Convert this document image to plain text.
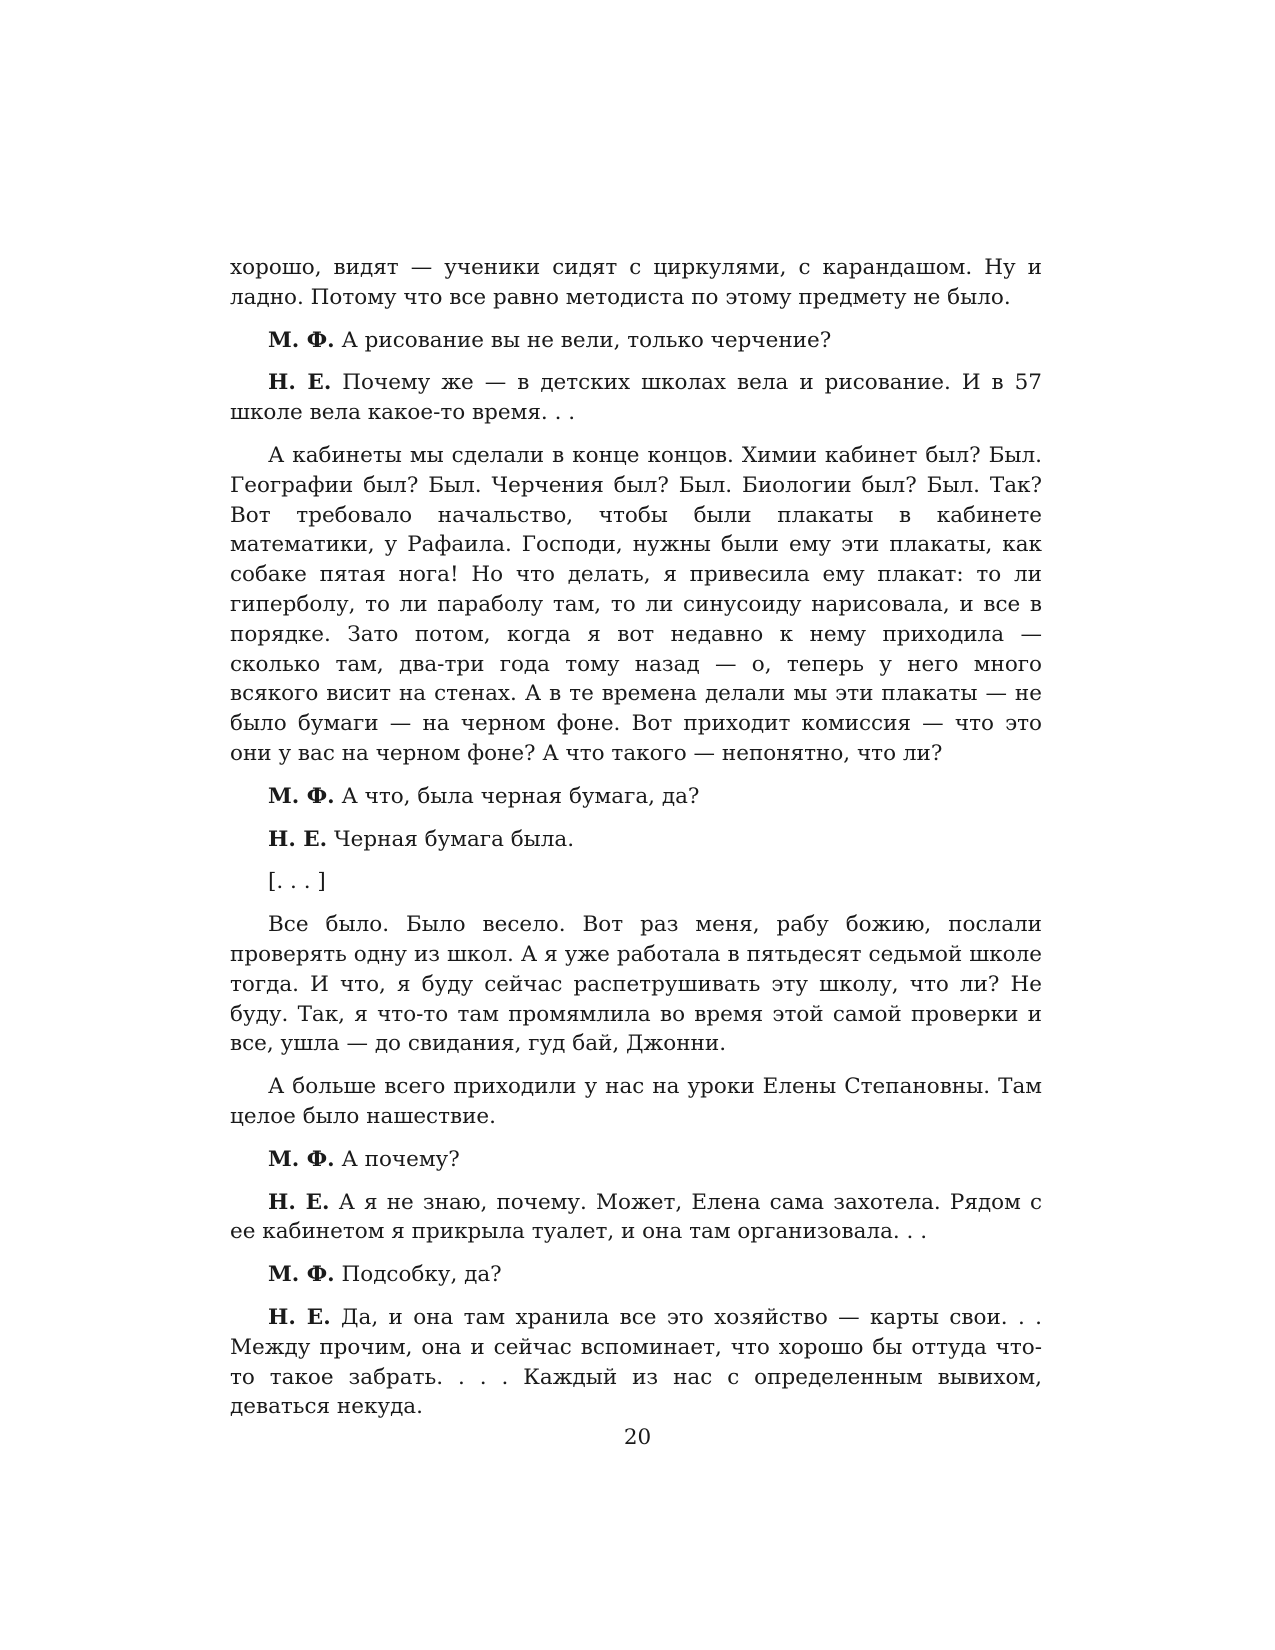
хорошо, видят — ученики сидят с циркулями, с карандашом. Ну и ладно. Потому что все равно методиста по этому предмету не было.

М. Ф. А рисование вы не вели, только черчение?

Н. Е. Почему же — в детских школах вела и рисование. И в 57 школе вела какое-то время. . .

А кабинеты мы сделали в конце концов. Химии кабинет был? Был. Географии был? Был. Черчения был? Был. Биологии был? Был. Так? Вот требовало начальство, чтобы были плакаты в кабинете математики, у Рафаила. Господи, нужны были ему эти плакаты, как собаке пятая нога! Но что делать, я привесила ему плакат: то ли гиперболу, то ли параболу там, то ли синусоиду нарисовала, и все в порядке. Зато потом, когда я вот недавно к нему приходила — сколько там, два-три года тому назад — о, теперь у него много всякого висит на стенах. А в те времена делали мы эти плакаты — не было бумаги — на черном фоне. Вот приходит комиссия — что это они у вас на черном фоне? А что такого — непонятно, что ли?

М. Ф. А что, была черная бумага, да?

Н. Е. Черная бумага была.

[. . . ]

Все было. Было весело. Вот раз меня, рабу божию, послали проверять одну из школ. А я уже работала в пятьдесят седьмой школе тогда. И что, я буду сейчас распетрушивать эту школу, что ли? Не буду. Так, я что-то там промямлила во время этой самой проверки и все, ушла — до свидания, гуд бай, Джонни.

А больше всего приходили у нас на уроки Елены Степановны. Там целое было нашествие.

М. Ф. А почему?

Н. Е. А я не знаю, почему. Может, Елена сама захотела. Рядом с ее кабинетом я прикрыла туалет, и она там организовала. . .

М. Ф. Подсобку, да?

Н. Е. Да, и она там хранила все это хозяйство — карты свои. . . Между прочим, она и сейчас вспоминает, что хорошо бы оттуда что-то такое забрать. . . . Каждый из нас с определенным вывихом, деваться некуда.

20
